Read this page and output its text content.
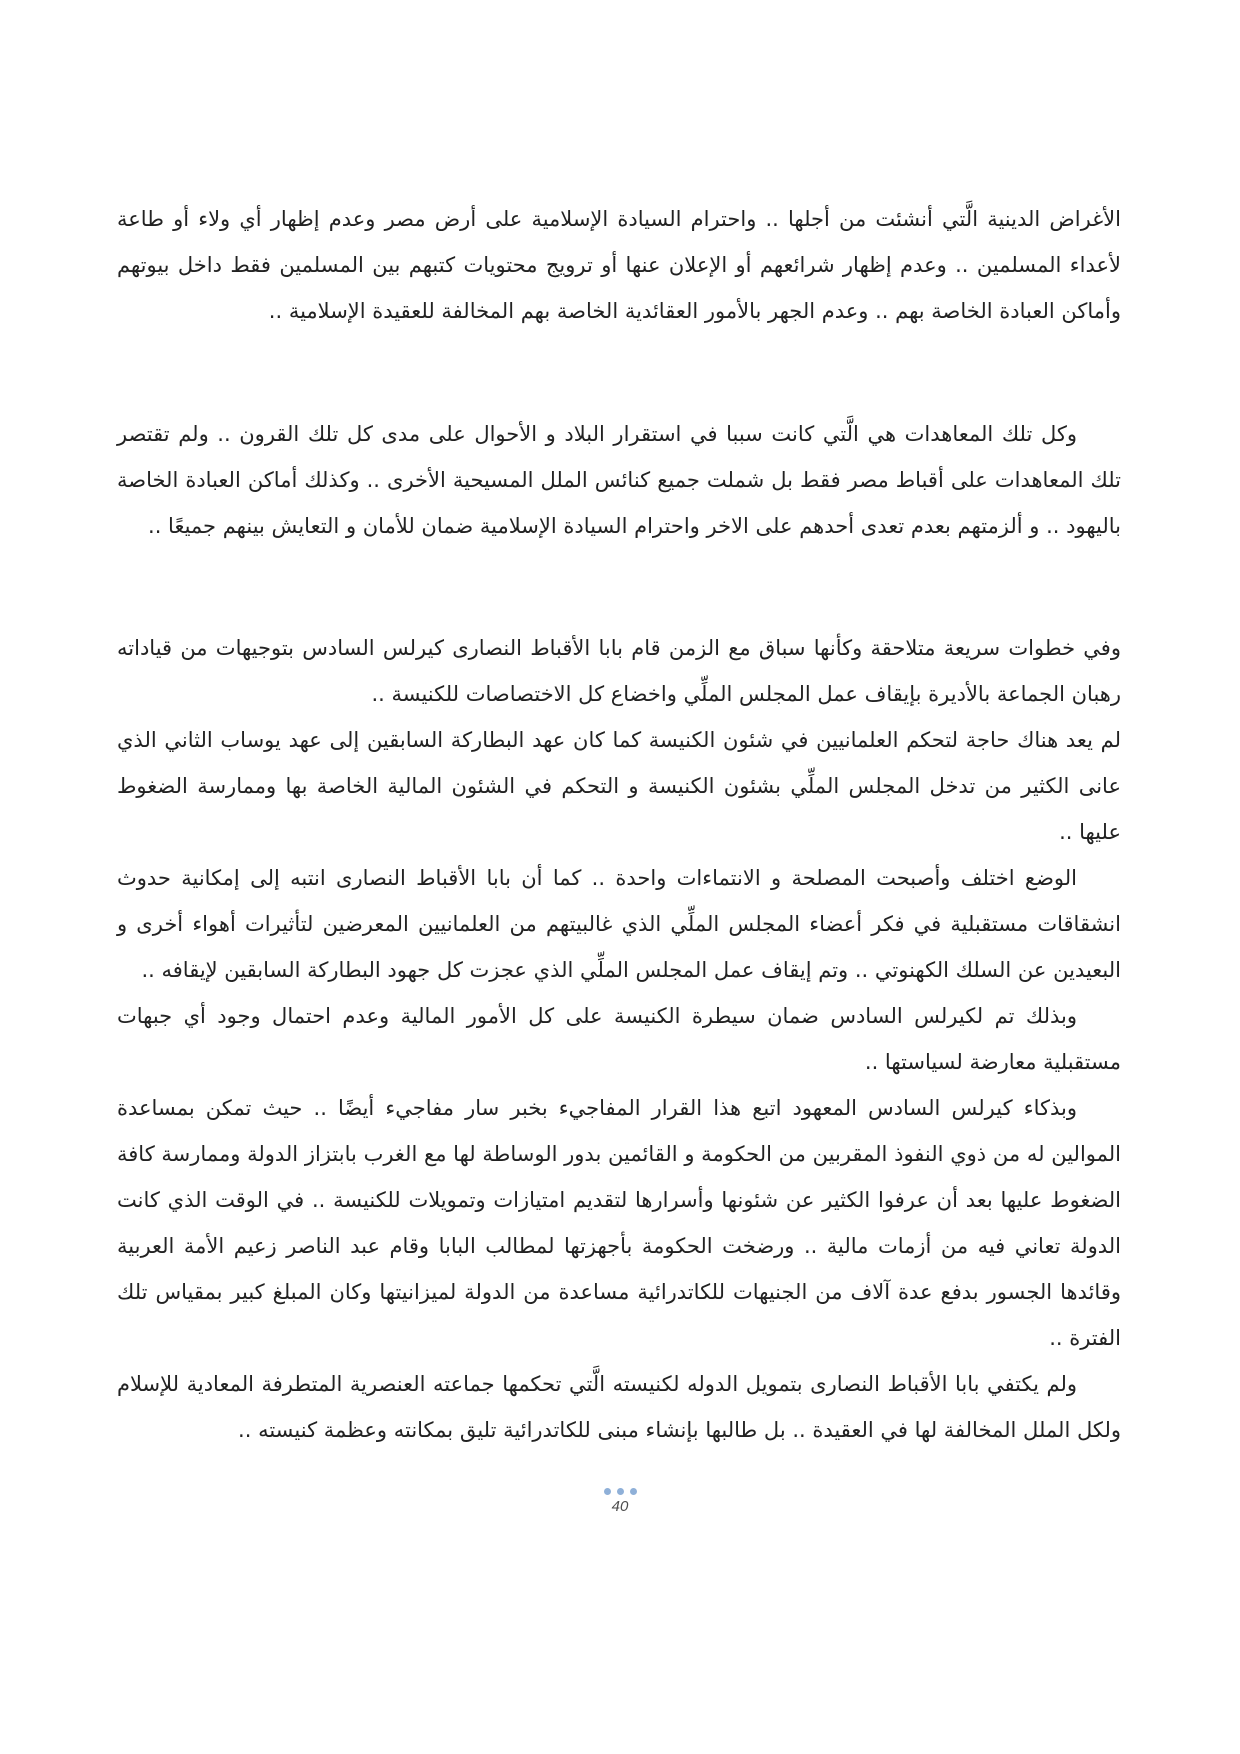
الأغراض الدينية الَّتي أنشئت من أجلها .. واحترام السيادة الإسلامية على أرض مصر وعدم إظهار أي ولاء أو طاعة لأعداء المسلمين .. وعدم إظهار شرائعهم أو الإعلان عنها أو ترويج محتويات كتبهم بين المسلمين فقط داخل بيوتهم وأماكن العبادة الخاصة بهم .. وعدم الجهر بالأمور العقائدية الخاصة بهم المخالفة للعقيدة الإسلامية ..

وكل تلك المعاهدات هي الَّتي كانت سببا في استقرار البلاد و الأحوال على مدى كل تلك القرون .. ولم تقتصر تلك المعاهدات على أقباط مصر فقط بل شملت جميع كنائس الملل المسيحية الأخرى .. وكذلك أماكن العبادة الخاصة باليهود .. و ألزمتهم بعدم تعدى أحدهم على الاخر واحترام السيادة الإسلامية ضمان للأمان و التعايش بينهم جميعًا ..

وفي خطوات سريعة متلاحقة وكأنها سباق مع الزمن قام بابا الأقباط النصارى كيرلس السادس بتوجيهات من قياداته رهبان الجماعة بالأديرة بإيقاف عمل المجلس الملِّي واخضاع كل الاختصاصات للكنيسة ..

لم يعد هناك حاجة لتحكم العلمانيين في شئون الكنيسة كما كان عهد البطاركة السابقين إلى عهد يوساب الثاني الذي عانى الكثير من تدخل المجلس الملِّي بشئون الكنيسة و التحكم في الشئون المالية الخاصة بها وممارسة الضغوط عليها ..

الوضع اختلف وأصبحت المصلحة و الانتماءات واحدة .. كما أن بابا الأقباط النصارى انتبه إلى إمكانية حدوث انشقاقات مستقبلية في فكر أعضاء المجلس الملِّي الذي غالبيتهم من العلمانيين المعرضين لتأثيرات أهواء أخرى و البعيدين عن السلك الكهنوتي .. وتم إيقاف عمل المجلس الملِّي الذي عجزت كل جهود البطاركة السابقين لإيقافه ..

وبذلك تم لكيرلس السادس ضمان سيطرة الكنيسة على كل الأمور المالية وعدم احتمال وجود أي جبهات مستقبلية معارضة لسياستها ..

وبذكاء كيرلس السادس المعهود اتبع هذا القرار المفاجيء بخبر سار مفاجيء أيضًا .. حيث تمكن بمساعدة الموالين له من ذوي النفوذ المقربين من الحكومة و القائمين بدور الوساطة لها مع الغرب بابتزاز الدولة وممارسة كافة الضغوط عليها بعد أن عرفوا الكثير عن شئونها وأسرارها لتقديم امتيازات وتمويلات للكنيسة .. في الوقت الذي كانت الدولة تعاني فيه من أزمات مالية .. ورضخت الحكومة بأجهزتها لمطالب البابا وقام عبد الناصر زعيم الأمة العربية وقائدها الجسور بدفع عدة آلاف من الجنيهات للكاتدرائية مساعدة من الدولة لميزانيتها وكان المبلغ كبير بمقياس تلك الفترة ..

ولم يكتفي بابا الأقباط النصارى بتمويل الدوله لكنيسته الَّتي تحكمها جماعته العنصرية المتطرفة المعادية للإسلام ولكل الملل المخالفة لها في العقيدة .. بل طالبها بإنشاء مبنى للكاتدرائية تليق بمكانته وعظمة كنيسته ..

40
